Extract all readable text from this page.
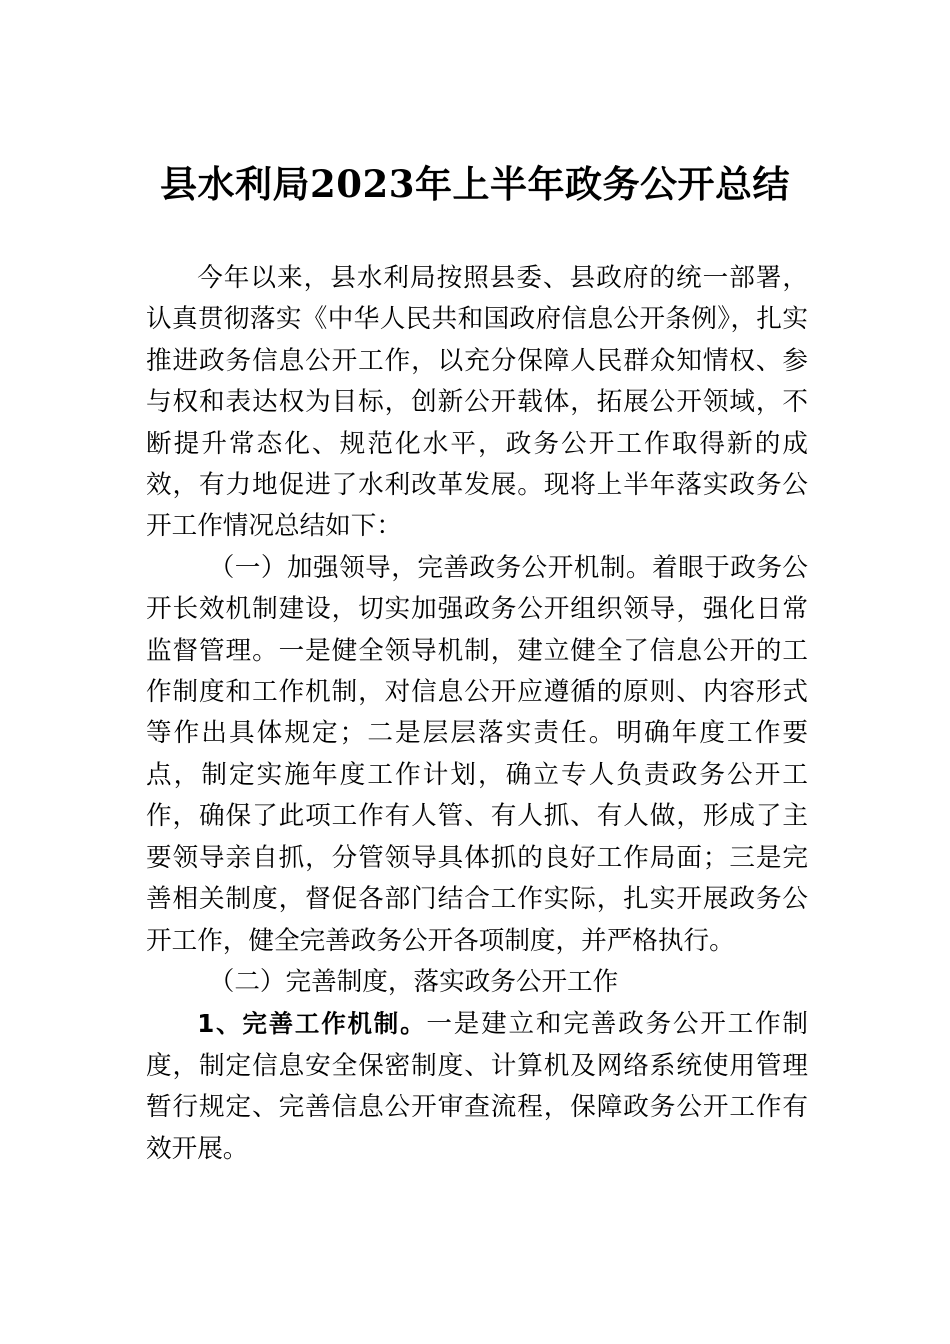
县水利局2023年上半年政务公开总结

今年以来，县水利局按照县委、县政府的统一部署，认真贯彻落实《中华人民共和国政府信息公开条例》，扎实推进政务信息公开工作，以充分保障人民群众知情权、参与权和表达权为目标，创新公开载体，拓展公开领域，不断提升常态化、规范化水平，政务公开工作取得新的成效，有力地促进了水利改革发展。现将上半年落实政务公开工作情况总结如下：

（一）加强领导，完善政务公开机制。着眼于政务公开长效机制建设，切实加强政务公开组织领导，强化日常监督管理。一是健全领导机制，建立健全了信息公开的工作制度和工作机制，对信息公开应遵循的原则、内容形式等作出具体规定；二是层层落实责任。明确年度工作要点，制定实施年度工作计划，确立专人负责政务公开工作，确保了此项工作有人管、有人抓、有人做，形成了主要领导亲自抓，分管领导具体抓的良好工作局面；三是完善相关制度，督促各部门结合工作实际，扎实开展政务公开工作，健全完善政务公开各项制度，并严格执行。

（二）完善制度，落实政务公开工作

1、完善工作机制。一是建立和完善政务公开工作制度，制定信息安全保密制度、计算机及网络系统使用管理暂行规定、完善信息公开审查流程，保障政务公开工作有效开展。
